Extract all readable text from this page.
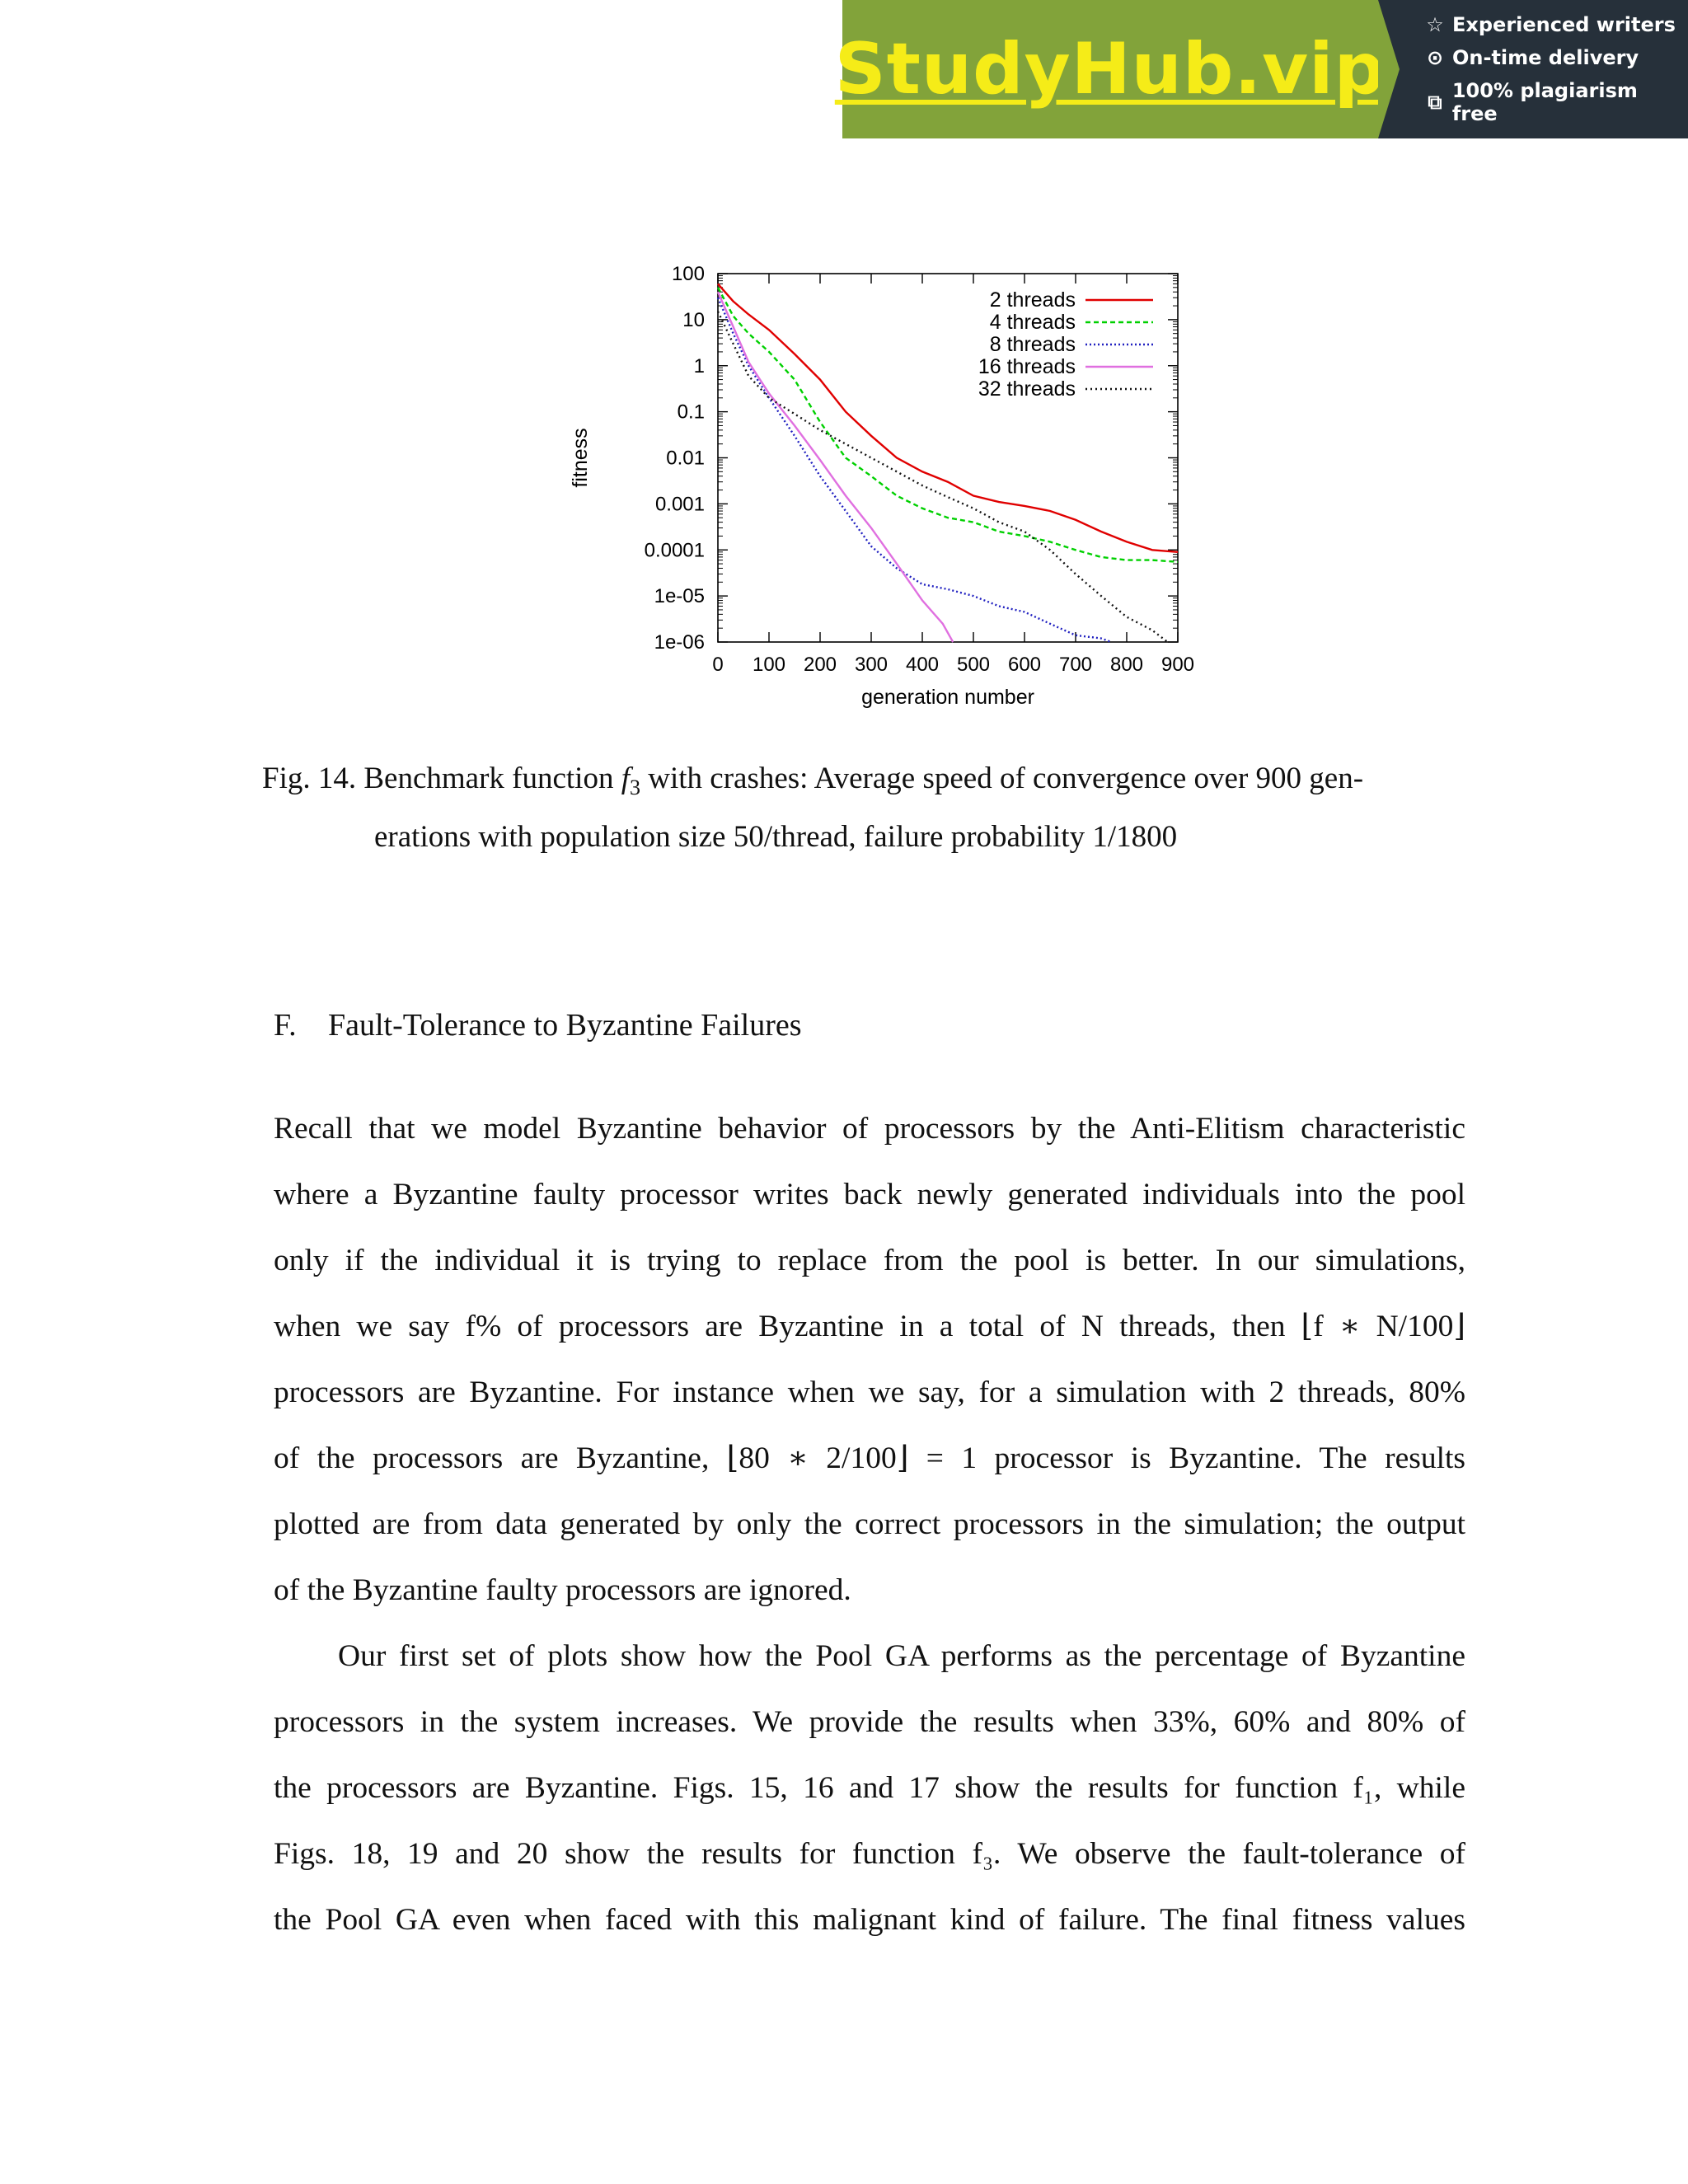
StudyHub.vip
☆ Experienced writers
⊙ On-time delivery
⧉ 100% plagiarism free
100
10
1
0.1
0.01
0.001
0.0001
1e-05
1e-06
0 100 200 300 400 500 600 700 800 900
generation number
fitness
2 threads
4 threads
8 threads
16 threads
32 threads
Fig. 14. Benchmark function $f_3$ with crashes: Average speed of convergence over 900 gen-
erations with population size 50/thread, failure probability 1/1800
F. Fault-Tolerance to Byzantine Failures
Recall that we model Byzantine behavior of processors by the Anti-Elitism characteristic
where a Byzantine faulty processor writes back newly generated individuals into the pool
only if the individual it is trying to replace from the pool is better. In our simulations,
when we say f% of processors are Byzantine in a total of N threads, then ⌊f ∗ N/100⌋
processors are Byzantine. For instance when we say, for a simulation with 2 threads, 80%
of the processors are Byzantine, ⌊80 ∗ 2/100⌋ = 1 processor is Byzantine. The results
plotted are from data generated by only the correct processors in the simulation; the output
of the Byzantine faulty processors are ignored.
Our first set of plots show how the Pool GA performs as the percentage of Byzantine
processors in the system increases. We provide the results when 33%, 60% and 80% of
the processors are Byzantine. Figs. 15, 16 and 17 show the results for function f₁, while
Figs. 18, 19 and 20 show the results for function f₃. We observe the fault-tolerance of
the Pool GA even when faced with this malignant kind of failure. The final fitness values
